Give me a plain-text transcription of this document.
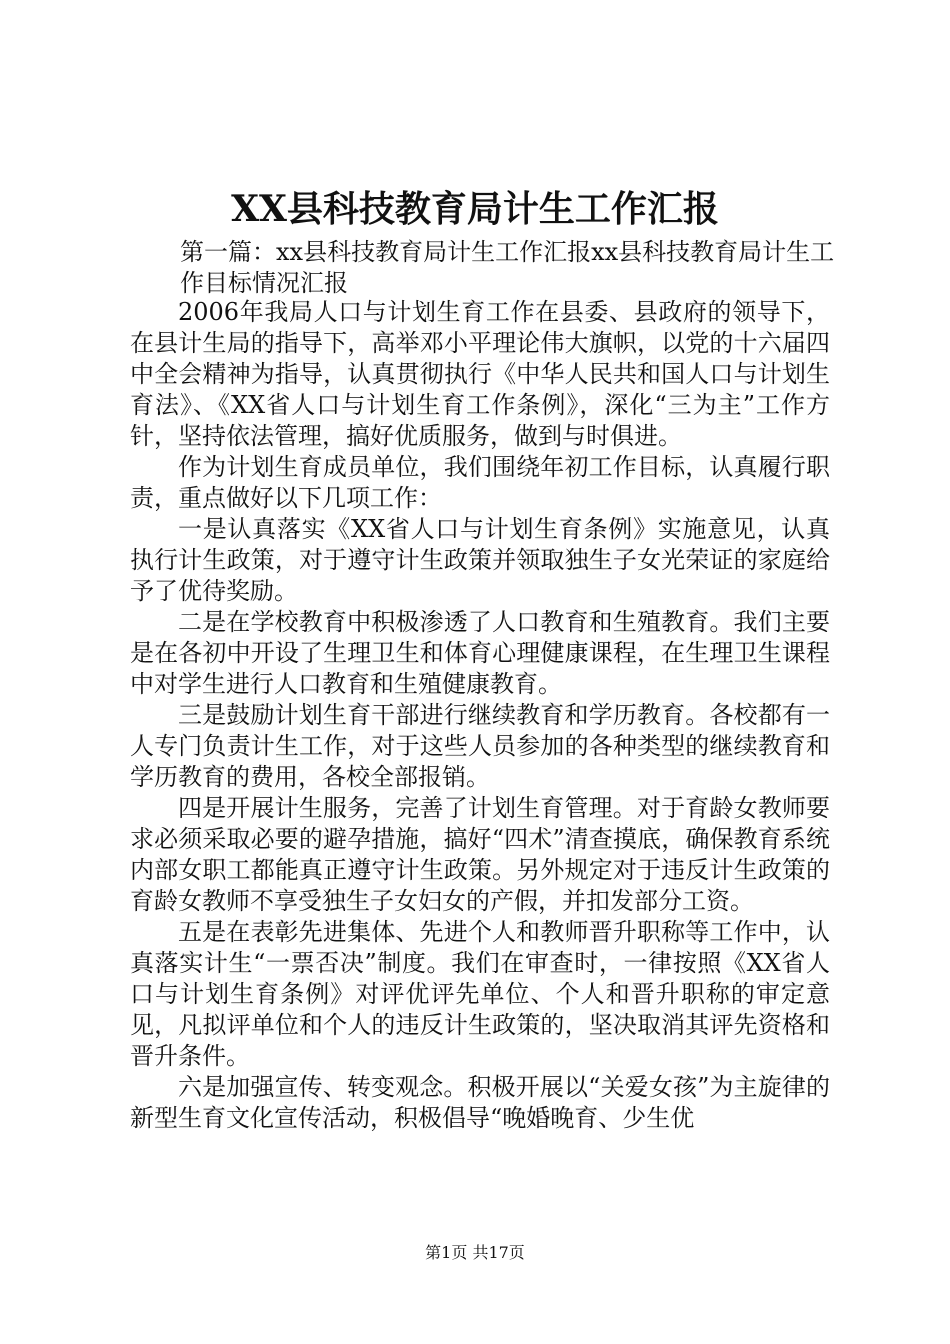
XX县科技教育局计生工作汇报

第一篇：xx县科技教育局计生工作汇报xx县科技教育局计生工作目标情况汇报

2006年我局人口与计划生育工作在县委、县政府的领导下，在县计生局的指导下，高举邓小平理论伟大旗帜，以党的十六届四中全会精神为指导，认真贯彻执行《中华人民共和国人口与计划生育法》、《XX省人口与计划生育工作条例》，深化“三为主”工作方针，坚持依法管理，搞好优质服务，做到与时俱进。

作为计划生育成员单位，我们围绕年初工作目标，认真履行职责，重点做好以下几项工作：

一是认真落实《XX省人口与计划生育条例》实施意见，认真执行计生政策，对于遵守计生政策并领取独生子女光荣证的家庭给予了优待奖励。

二是在学校教育中积极渗透了人口教育和生殖教育。我们主要是在各初中开设了生理卫生和体育心理健康课程，在生理卫生课程中对学生进行人口教育和生殖健康教育。

三是鼓励计划生育干部进行继续教育和学历教育。各校都有一人专门负责计生工作，对于这些人员参加的各种类型的继续教育和学历教育的费用，各校全部报销。

四是开展计生服务，完善了计划生育管理。对于育龄女教师要求必须采取必要的避孕措施，搞好“四术”清查摸底，确保教育系统内部女职工都能真正遵守计生政策。另外规定对于违反计生政策的育龄女教师不享受独生子女妇女的产假，并扣发部分工资。

五是在表彰先进集体、先进个人和教师晋升职称等工作中，认真落实计生“一票否决”制度。我们在审查时，一律按照《XX省人口与计划生育条例》对评优评先单位、个人和晋升职称的审定意见，凡拟评单位和个人的违反计生政策的，坚决取消其评先资格和晋升条件。

六是加强宣传、转变观念。积极开展以“关爱女孩”为主旋律的新型生育文化宣传活动，积极倡导“晚婚晚育、少生优

第1页 共17页
